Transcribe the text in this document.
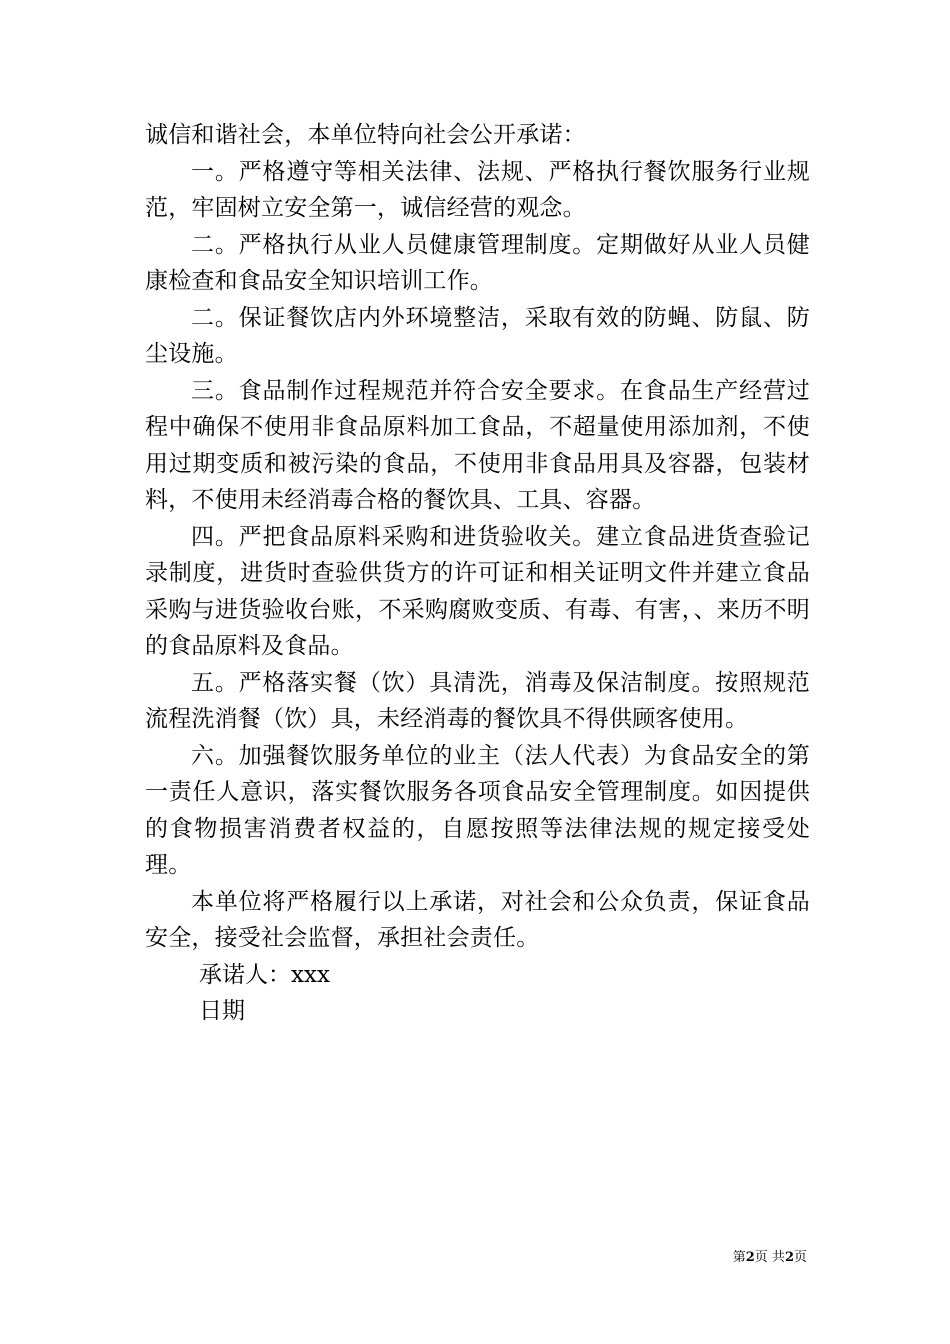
诚信和谐社会，本单位特向社会公开承诺：

一。严格遵守等相关法律、法规、严格执行餐饮服务行业规范，牢固树立安全第一，诚信经营的观念。

二。严格执行从业人员健康管理制度。定期做好从业人员健康检查和食品安全知识培训工作。

二。保证餐饮店内外环境整洁，采取有效的防蝇、防鼠、防尘设施。

三。食品制作过程规范并符合安全要求。在食品生产经营过程中确保不使用非食品原料加工食品，不超量使用添加剂，不使用过期变质和被污染的食品，不使用非食品用具及容器，包装材料，不使用未经消毒合格的餐饮具、工具、容器。

四。严把食品原料采购和进货验收关。建立食品进货查验记录制度，进货时查验供货方的许可证和相关证明文件并建立食品采购与进货验收台账，不采购腐败变质、有毒、有害，、来历不明的食品原料及食品。

五。严格落实餐（饮）具清洗，消毒及保洁制度。按照规范流程洗消餐（饮）具，未经消毒的餐饮具不得供顾客使用。

六。加强餐饮服务单位的业主（法人代表）为食品安全的第一责任人意识，落实餐饮服务各项食品安全管理制度。如因提供的食物损害消费者权益的，自愿按照等法律法规的规定接受处理。

本单位将严格履行以上承诺，对社会和公众负责，保证食品安全，接受社会监督，承担社会责任。

承诺人：xxx

日期

第2页 共2页
